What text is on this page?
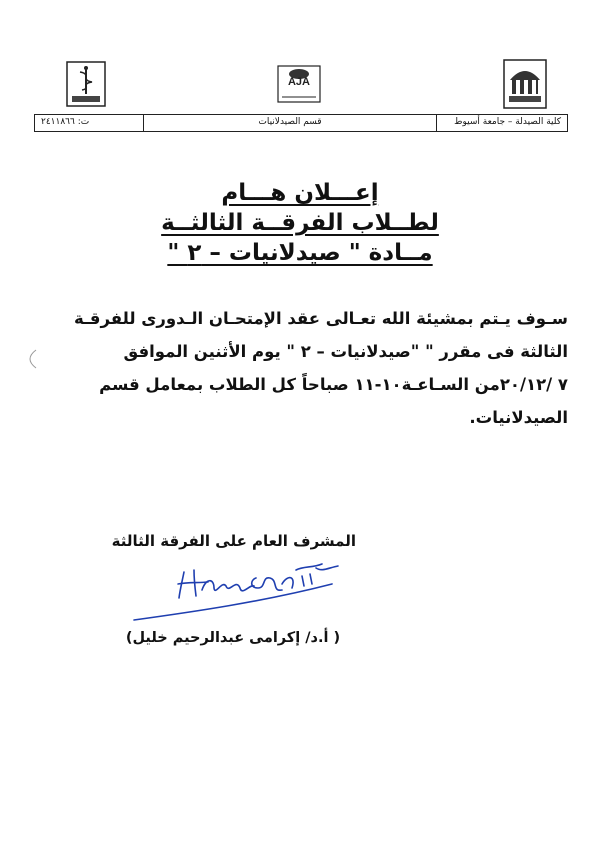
AJA
كلية الصيدلة – جامعة أسيوط
قسم الصيدلانيات
ت: ٢٤١١٨٦٦

إعـــلان هـــام

لطــلاب الفرقــة الثالثــة

مــادة " صيدلانيات – ٢ "

سـوف يـتم بمشيئة الله تعـالى عقد الإمتحـان الـدورى للفرقـة
الثالثة فى مقرر " "صيدلانيات – ٢ " يوم الأثنين الموافق
٧ /٢٠/١٢من السـاعـة١٠-١١ صباحاً كل الطلاب بمعامل قسم
الصيدلانيات.
المشرف العام على الفرقة الثالثة
( أ.د/ إكرامى عبدالرحيم خليل)
